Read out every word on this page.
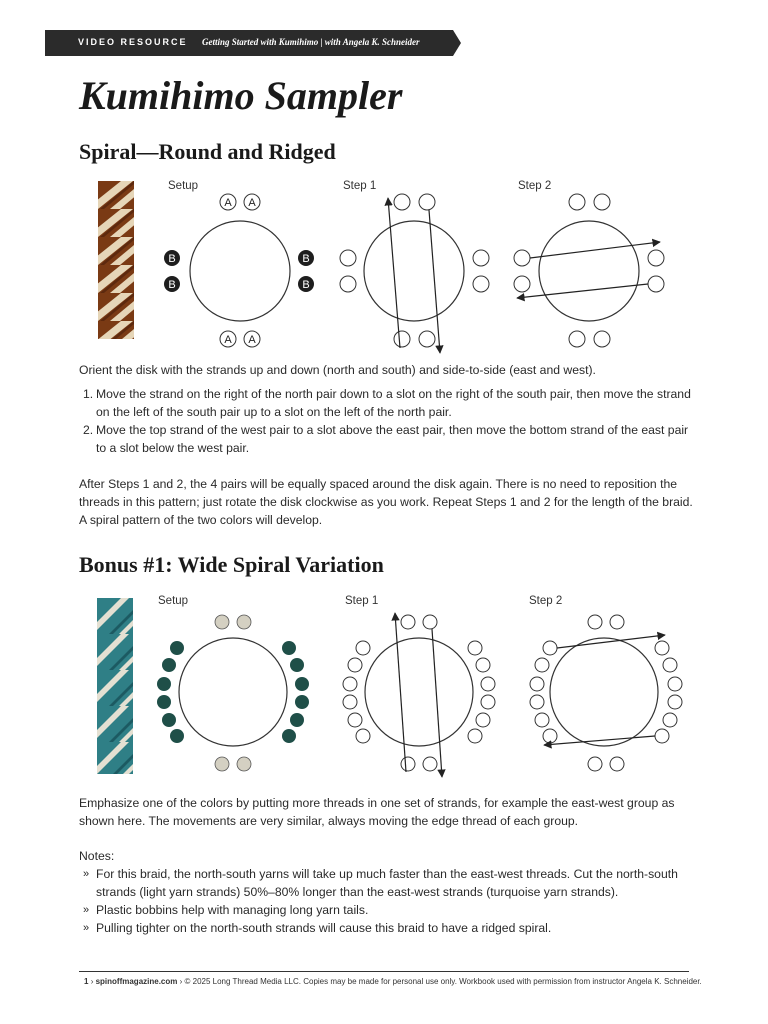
VIDEO RESOURCE Getting Started with Kumihimo | with Angela K. Schneider
Kumihimo Sampler
Spiral—Round and Ridged
Setup	Step 1	Step 2
A A
A A
B
B
B
B

Orient the disk with the strands up and down (north and south) and side-to-side (east and west).

1. Move the strand on the right of the north pair down to a slot on the right of the south pair, then move the strand on the left of the south pair up to a slot on the left of the north pair.
2. Move the top strand of the west pair to a slot above the east pair, then move the bottom strand of the east pair to a slot below the west pair.

After Steps 1 and 2, the 4 pairs will be equally spaced around the disk again. There is no need to reposition the threads in this pattern; just rotate the disk clockwise as you work. Repeat Steps 1 and 2 for the length of the braid. A spiral pattern of the two colors will develop.

Bonus #1: Wide Spiral Variation
Setup	Step 1	Step 2

Emphasize one of the colors by putting more threads in one set of strands, for example the east-west group as shown here. The movements are very similar, always moving the edge thread of each group.

Notes:

» For this braid, the north-south yarns will take up much faster than the east-west threads. Cut the north-south strands (light yarn strands) 50%–80% longer than the east-west strands (turquoise yarn strands).
» Plastic bobbins help with managing long yarn tails.
» Pulling tighter on the north-south strands will cause this braid to have a ridged spiral.
1 › spinoffmagazine.com › © 2025 Long Thread Media LLC. Copies may be made for personal use only. Workbook used with permission from instructor Angela K. Schneider.
